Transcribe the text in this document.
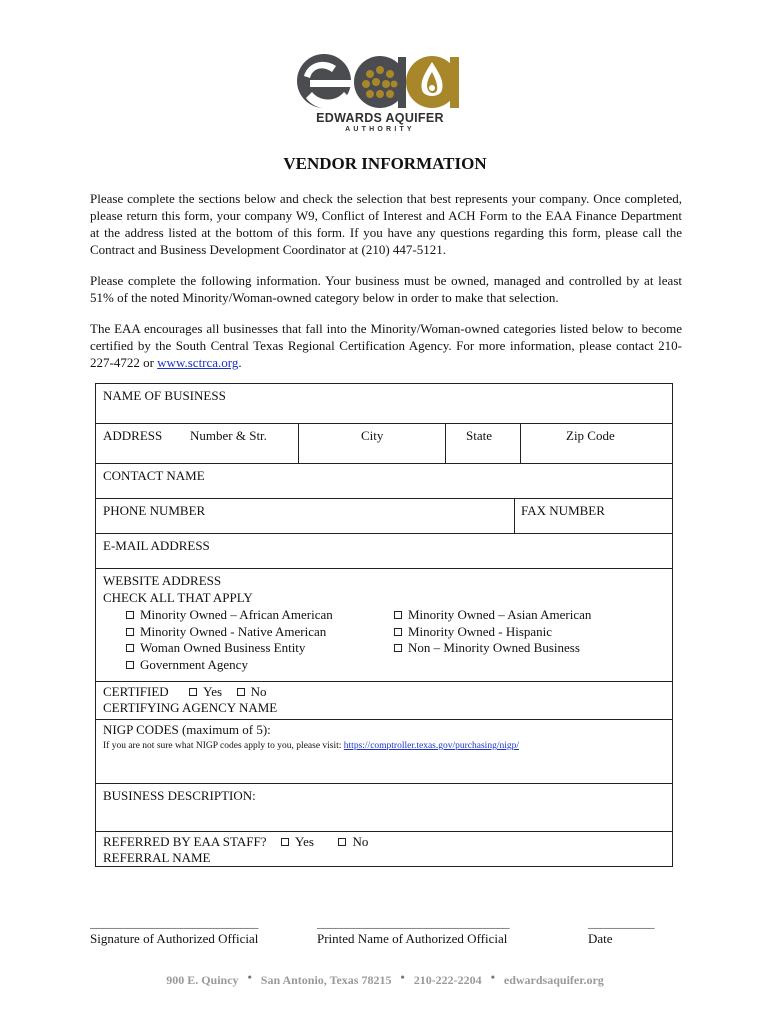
EDWARDS AQUIFER
AUTHORITY
VENDOR INFORMATION

Please complete the sections below and check the selection that best represents your company. Once completed, please return this form, your company W9, Conflict of Interest and ACH Form to the EAA Finance Department at the address listed at the bottom of this form. If you have any questions regarding this form, please call the Contract and Business Development Coordinator at (210) 447-5121.

Please complete the following information. Your business must be owned, managed and controlled by at least 51% of the noted Minority/Woman-owned category below in order to make that selection.

The EAA encourages all businesses that fall into the Minority/Woman-owned categories listed below to become certified by the South Central Texas Regional Certification Agency. For more information, please contact 210-227-4722 or www.sctrca.org.

NAME OF BUSINESS
ADDRESS Number & Str.	City	State	Zip Code
CONTACT NAME
PHONE NUMBER	FAX NUMBER
E-MAIL ADDRESS
WEBSITE ADDRESS
CHECK ALL THAT APPLY
Minority Owned – African American
Minority Owned - Native American
Woman Owned Business Entity
Government Agency
Minority Owned – Asian American
Minority Owned - Hispanic
Non – Minority Owned Business
CERTIFIED	Yes No
CERTIFYING AGENCY NAME
NIGP CODES (maximum of 5):
If you are not sure what NIGP codes apply to you, please visit: https://comptroller.texas.gov/purchasing/nigp/
BUSINESS DESCRIPTION:
REFERRED BY EAA STAFF? Yes	No
REFERRAL NAME
____________________________
Signature of Authorized Official
________________________________
Printed Name of Authorized Official
___________
Date
900 E. Quincy • San Antonio, Texas 78215 • 210-222-2204 • edwardsaquifer.org
